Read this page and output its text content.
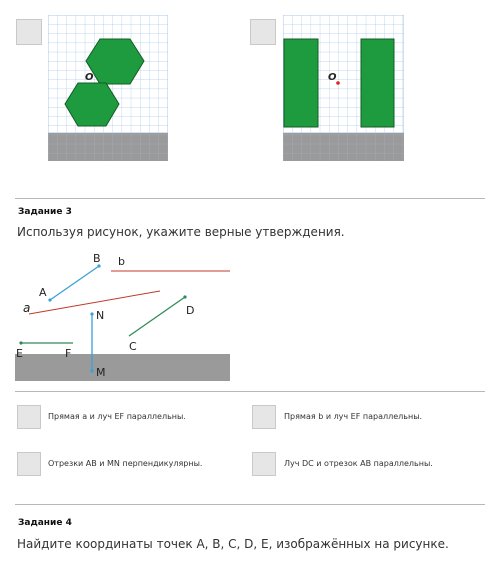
O	O
Задание 3
Используя рисунок, укажите верные утверждения.
B b
A
a
N	D
C
E	F
M
Прямая a и луч EF параллельны.	Прямая b и луч EF параллельны.
Отрезки AB и MN перпендикулярны.	Луч DC и отрезок AB параллельны.
Задание 4
Найдите координаты точек A, B, C, D, E, изображённых на рисунке.
